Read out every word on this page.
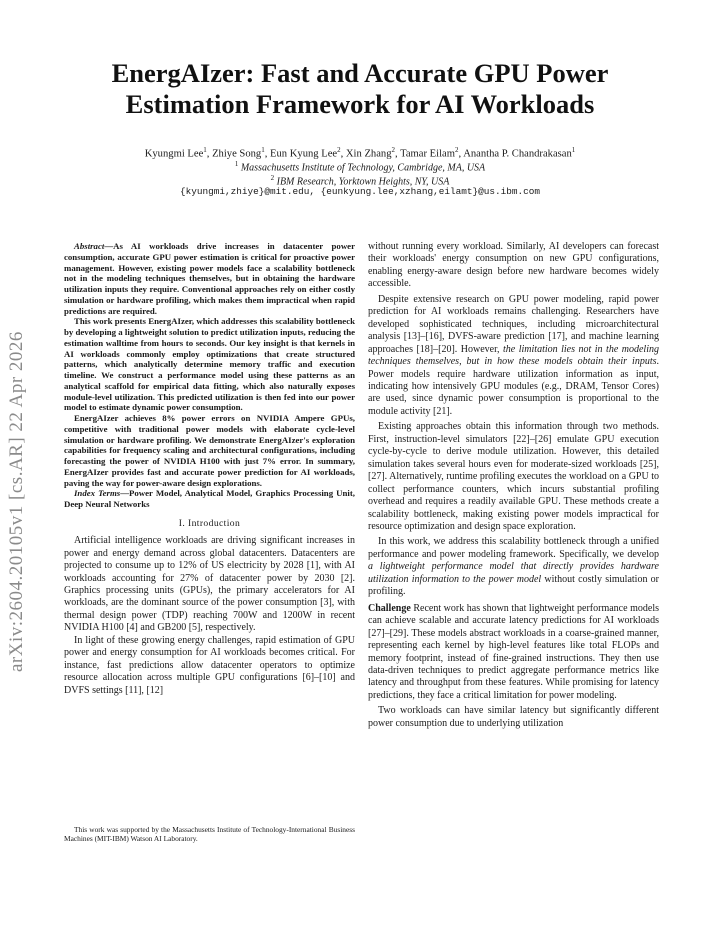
arXiv:2604.20105v1 [cs.AR] 22 Apr 2026
EnergAIzer: Fast and Accurate GPU Power
Estimation Framework for AI Workloads
Kyungmi Lee$^1$, Zhiye Song$^1$, Eun Kyung Lee$^2$, Xin Zhang$^2$, Tamar Eilam$^2$, Anantha P. Chandrakasan$^1$
$^1$ Massachusetts Institute of Technology, Cambridge, MA, USA
$^2$ IBM Research, Yorktown Heights, NY, USA
{kyungmi,zhiye}@mit.edu, {eunkyung.lee,xzhang,eilamt}@us.ibm.com

Abstract—As AI workloads drive increases in datacenter power consumption, accurate GPU power estimation is critical for proactive power management. However, existing power models face a scalability bottleneck not in the modeling techniques themselves, but in obtaining the hardware utilization inputs they require. Conventional approaches rely on either costly simulation or hardware profiling, which makes them impractical when rapid predictions are required.

This work presents EnergAIzer, which addresses this scalability bottleneck by developing a lightweight solution to predict utilization inputs, reducing the estimation walltime from hours to seconds. Our key insight is that kernels in AI workloads commonly employ optimizations that create structured patterns, which analytically determine memory traffic and execution timeline. We construct a performance model using these patterns as an analytical scaffold for empirical data fitting, which also naturally exposes module-level utilization. This predicted utilization is then fed into our power model to estimate dynamic power consumption.

EnergAIzer achieves 8% power errors on NVIDIA Ampere GPUs, competitive with traditional power models with elaborate cycle-level simulation or hardware profiling. We demonstrate EnergAIzer's exploration capabilities for frequency scaling and architectural configurations, including forecasting the power of NVIDIA H100 with just 7% error. In summary, EnergAIzer provides fast and accurate power prediction for AI workloads, paving the way for power-aware design explorations.

Index Terms—Power Model, Analytical Model, Graphics Processing Unit, Deep Neural Networks

I. Introduction

Artificial intelligence workloads are driving significant increases in power and energy demand across global datacenters. Datacenters are projected to consume up to 12% of US electricity by 2028 [1], with AI workloads accounting for 27% of datacenter power by 2030 [2]. Graphics processing units (GPUs), the primary accelerators for AI workloads, are the dominant source of the power consumption [3], with thermal design power (TDP) reaching 700W and 1200W in recent NVIDIA H100 [4] and GB200 [5], respectively.

In light of these growing energy challenges, rapid estimation of GPU power and energy consumption for AI workloads becomes critical. For instance, fast predictions allow datacenter operators to optimize resource allocation across multiple GPU configurations [6]–[10] and DVFS settings [11], [12]

without running every workload. Similarly, AI developers can forecast their workloads' energy consumption on new GPU configurations, enabling energy-aware design before new hardware becomes widely accessible.

Despite extensive research on GPU power modeling, rapid power prediction for AI workloads remains challenging. Researchers have developed sophisticated techniques, including microarchitectural analysis [13]–[16], DVFS-aware prediction [17], and machine learning approaches [18]–[20]. However, the limitation lies not in the modeling techniques themselves, but in how these models obtain their inputs. Power models require hardware utilization information as input, indicating how intensively GPU modules (e.g., DRAM, Tensor Cores) are used, since dynamic power consumption is proportional to the module activity [21].

Existing approaches obtain this information through two methods. First, instruction-level simulators [22]–[26] emulate GPU execution cycle-by-cycle to derive module utilization. However, this detailed simulation takes several hours even for moderate-sized workloads [25], [27]. Alternatively, runtime profiling executes the workload on a GPU to collect performance counters, which incurs substantial profiling overhead and requires a readily available GPU. These methods create a scalability bottleneck, making existing power models impractical for resource optimization and design space exploration.

In this work, we address this scalability bottleneck through a unified performance and power modeling framework. Specifically, we develop a lightweight performance model that directly provides hardware utilization information to the power model without costly simulation or profiling.

Challenge Recent work has shown that lightweight performance models can achieve scalable and accurate latency predictions for AI workloads [27]–[29]. These models abstract workloads in a coarse-grained manner, representing each kernel by high-level features like total FLOPs and memory footprint, instead of fine-grained instructions. They then use data-driven techniques to predict aggregate performance metrics like latency and throughput from these features. While promising for latency predictions, they face a critical limitation for power modeling.

Two workloads can have similar latency but significantly different power consumption due to underlying utilization

This work was supported by the Massachusetts Institute of Technology-International Business Machines (MIT-IBM) Watson AI Laboratory.
